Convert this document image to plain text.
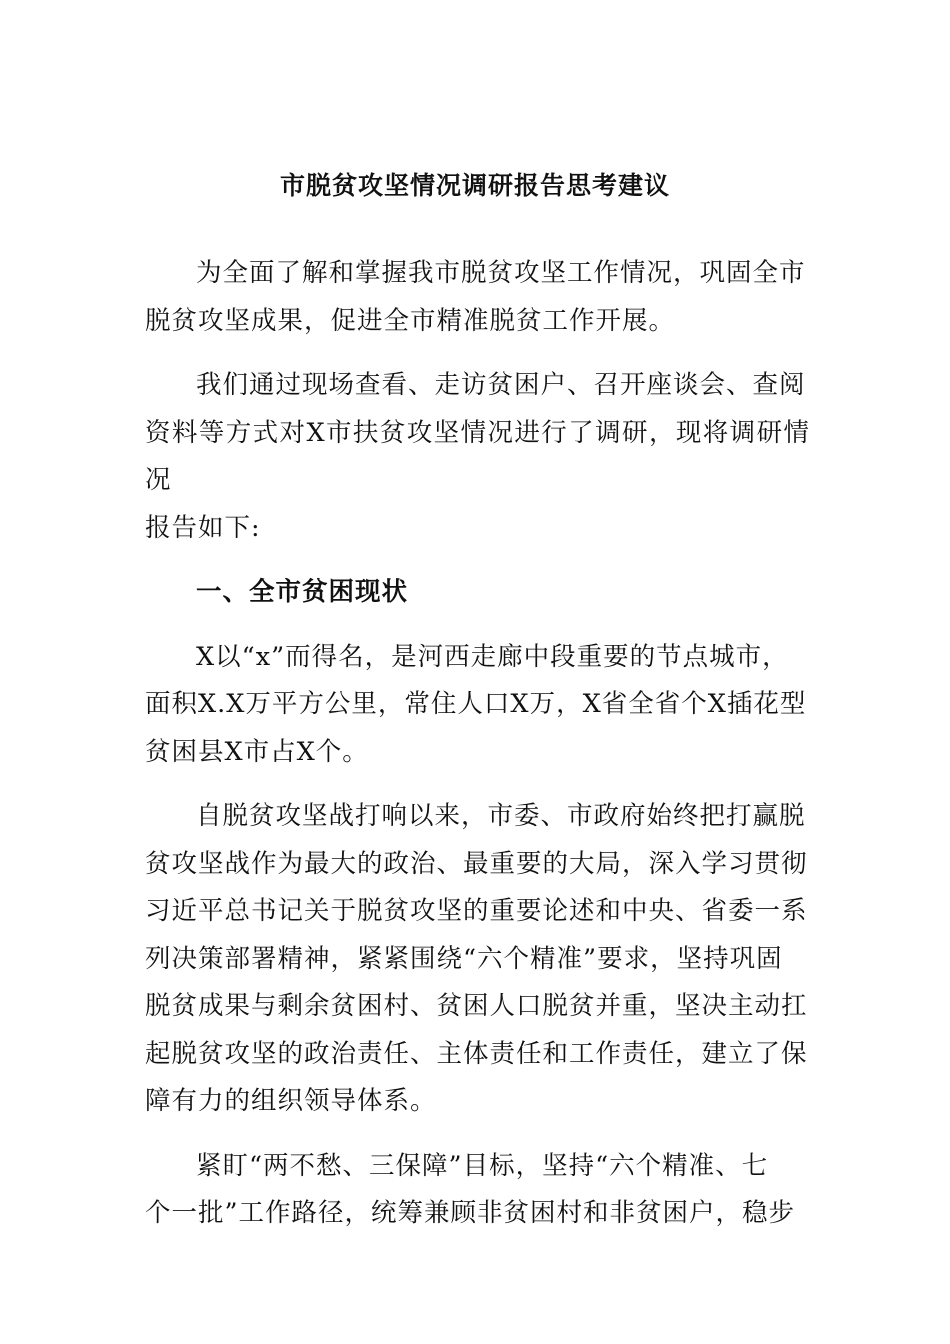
市脱贫攻坚情况调研报告思考建议

为全面了解和掌握我市脱贫攻坚工作情况，巩固全市
脱贫攻坚成果，促进全市精准脱贫工作开展。

我们通过现场查看、走访贫困户、召开座谈会、查阅
资料等方式对X市扶贫攻坚情况进行了调研，现将调研情况
报告如下:

一、全市贫困现状

X以“x”而得名，是河西走廊中段重要的节点城市，
面积X.X万平方公里，常住人口X万，X省全省个X插花型
贫困县X市占X个。

自脱贫攻坚战打响以来，市委、市政府始终把打赢脱
贫攻坚战作为最大的政治、最重要的大局，深入学习贯彻
习近平总书记关于脱贫攻坚的重要论述和中央、省委一系
列决策部署精神，紧紧围绕“六个精准”要求，坚持巩固
脱贫成果与剩余贫困村、贫困人口脱贫并重，坚决主动扛
起脱贫攻坚的政治责任、主体责任和工作责任，建立了保
障有力的组织领导体系。

紧盯“两不愁、三保障”目标，坚持“六个精准、七
个一批”工作路径，统筹兼顾非贫困村和非贫困户，稳步
